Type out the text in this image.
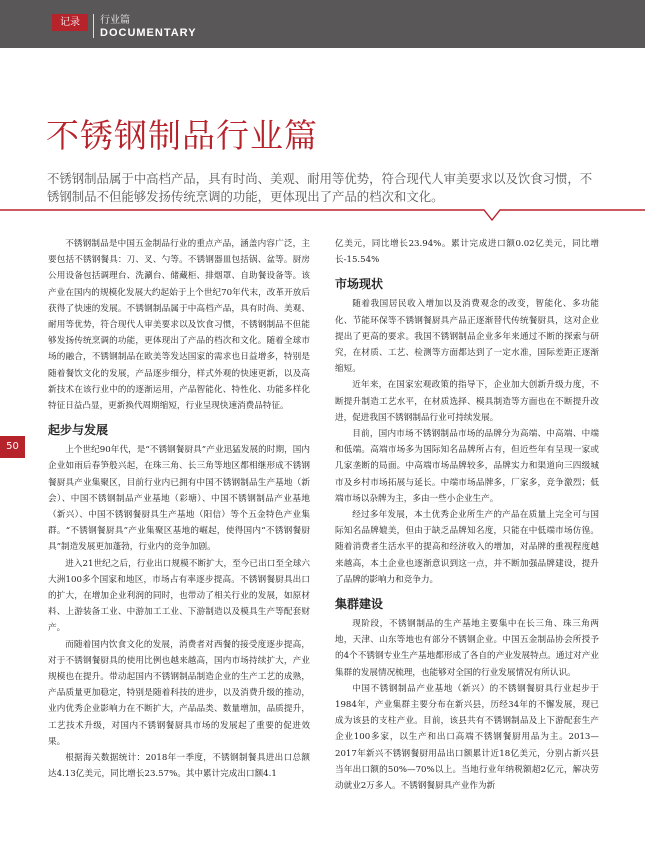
记录	行业篇
DOCUMENTARY
不锈钢制品行业篇

不锈钢制品属于中高档产品，具有时尚、美观、耐用等优势，符合现代人审美要求以及饮食习惯，不锈钢制品不但能够发扬传统烹调的功能，更体现出了产品的档次和文化。

50

不锈钢制品是中国五金制品行业的重点产品，涵盖内容广泛，主要包括不锈钢餐具：刀、叉、勺等。不锈钢器皿包括锅、盆等。厨房公用设备包括调理台、洗涮台、储藏柜、排烟罩、自助餐设备等。该产业在国内的规模化发展大约起始于上个世纪70年代末，改革开放后获得了快速的发展。不锈钢制品属于中高档产品，具有时尚、美观、耐用等优势，符合现代人审美要求以及饮食习惯，不锈钢制品不但能够发扬传统烹调的功能，更体现出了产品的档次和文化。随着全球市场的融合，不锈钢制品在欧美等发达国家的需求也日益增多，特别是随着餐饮文化的发展，产品逐步细分，样式外观的快速更新，以及高新技术在该行业中的的逐渐运用，产品智能化、特性化、功能多样化特征日益凸显，更新换代周期缩短，行业呈现快速消费品特征。

起步与发展

上个世纪90年代，是“不锈钢餐厨具”产业迅猛发展的时期，国内企业如雨后春笋般兴起，在珠三角、长三角等地区都相继形成不锈钢餐厨具产业集聚区，目前行业内已拥有中国不锈钢制品生产基地（新会）、中国不锈钢制品产业基地（彩塘）、中国不锈钢制品产业基地（新兴）、中国不锈钢餐厨具生产基地（阳信）等个五金特色产业集群。“不锈钢餐厨具”产业集聚区基地的崛起，使得国内“不锈钢餐厨具”制造发展更加蓬勃，行业内的竞争加剧。

进入21世纪之后，行业出口规模不断扩大，至今已出口至全球六大洲100多个国家和地区，市场占有率逐步提高。不锈钢餐厨具出口的扩大，在增加企业利润的同时，也带动了相关行业的发展，如原材料、上游装备工业、中游加工工业、下游制造以及模具生产等配套财产。

而随着国内饮食文化的发展，消费者对西餐的接受度逐步提高，对于不锈钢餐厨具的使用比例也越来越高，国内市场持续扩大，产业规模也在提升。带动起国内不锈钢制品制造企业的生产工艺的成熟，产品质量更加稳定，特别是随着科技的进步，以及消费升级的推动，业内优秀企业影响力在不断扩大，产品品类、数量增加，品质提升，工艺技术升级，对国内不锈钢餐厨具市场的发展起了重要的促进效果。

根据海关数据统计：2018年一季度，不锈钢制餐具进出口总额达4.13亿美元，同比增长23.57%。其中累计完成出口额4.1

亿美元，同比增长23.94%。累计完成进口额0.02亿美元，同比增长-15.54%

市场现状

随着我国居民收入增加以及消费观念的改变，智能化、多功能化、节能环保等不锈钢餐厨具产品正逐渐替代传统餐厨具，这对企业提出了更高的要求。我国不锈钢制品企业多年来通过不断的探索与研究，在材质、工艺、检测等方面都达到了一定水准，国际差距正逐渐缩短。

近年来，在国家宏观政策的指导下，企业加大创新升级力度，不断提升制造工艺水平，在材质选择、模具制造等方面也在不断提升改进，促进我国不锈钢制品行业可持续发展。

目前，国内市场不锈钢制品市场的品牌分为高端、中高端、中端和低端。高端市场多为国际知名品牌所占有，但近些年有呈现一家或几家垄断的局面。中高端市场品牌较多，品牌实力和渠道向三四级城市及乡村市场拓展与延长。中端市场品牌多，厂家多，竞争激烈；低端市场以杂牌为主，多由一些小企业生产。

经过多年发展，本土优秀企业所生产的产品在质量上完全可与国际知名品牌媲美，但由于缺乏品牌知名度，只能在中低端市场仿徨。随着消费者生活水平的提高和经济收入的增加，对品牌的重视程度越来越高，本土企业也逐渐意识到这一点，并不断加强品牌建设，提升了品牌的影响力和竞争力。

集群建设

现阶段，不锈钢制品的生产基地主要集中在长三角、珠三角两地，天津、山东等地也有部分不锈钢企业。中国五金制品协会所授予的4个不锈钢专业生产基地都形成了各自的产业发展特点。通过对产业集群的发展情况梳理，也能够对全国的行业发展情况有所认识。

中国不锈钢制品产业基地（新兴）的不锈钢餐厨具行业起步于1984年，产业集群主要分布在新兴县，历经34年的不懈发展，现已成为该县的支柱产业。目前，该县共有不锈钢制品及上下游配套生产企业100多家，以生产和出口高端不锈钢餐厨用品为主。2013—2017年新兴不锈钢餐厨用品出口额累计近18亿美元，分别占新兴县当年出口额的50%—70%以上。当地行业年纳税额超2亿元，解决劳动就业2万多人。不锈钢餐厨具产业作为新
